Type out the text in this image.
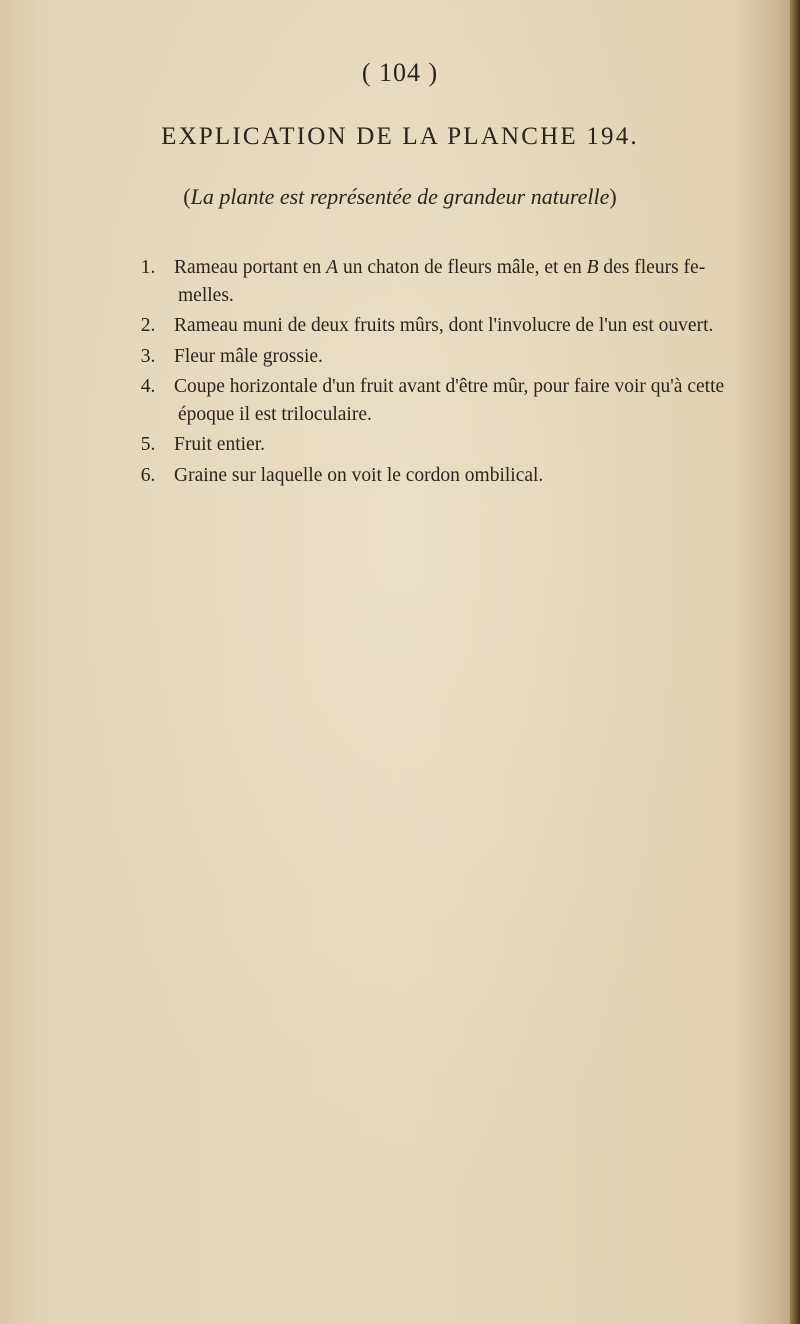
( 104 )
EXPLICATION DE LA PLANCHE 194.
(La plante est représentée de grandeur naturelle)
1. Rameau portant en A un chaton de fleurs mâle, et en B des fleurs fe-
melles.
2. Rameau muni de deux fruits mûrs, dont l'involucre de l'un est ouvert.
3. Fleur mâle grossie.
4. Coupe horizontale d'un fruit avant d'être mûr, pour faire voir qu'à cette
époque il est triloculaire.
5. Fruit entier.
6. Graine sur laquelle on voit le cordon ombilical.
